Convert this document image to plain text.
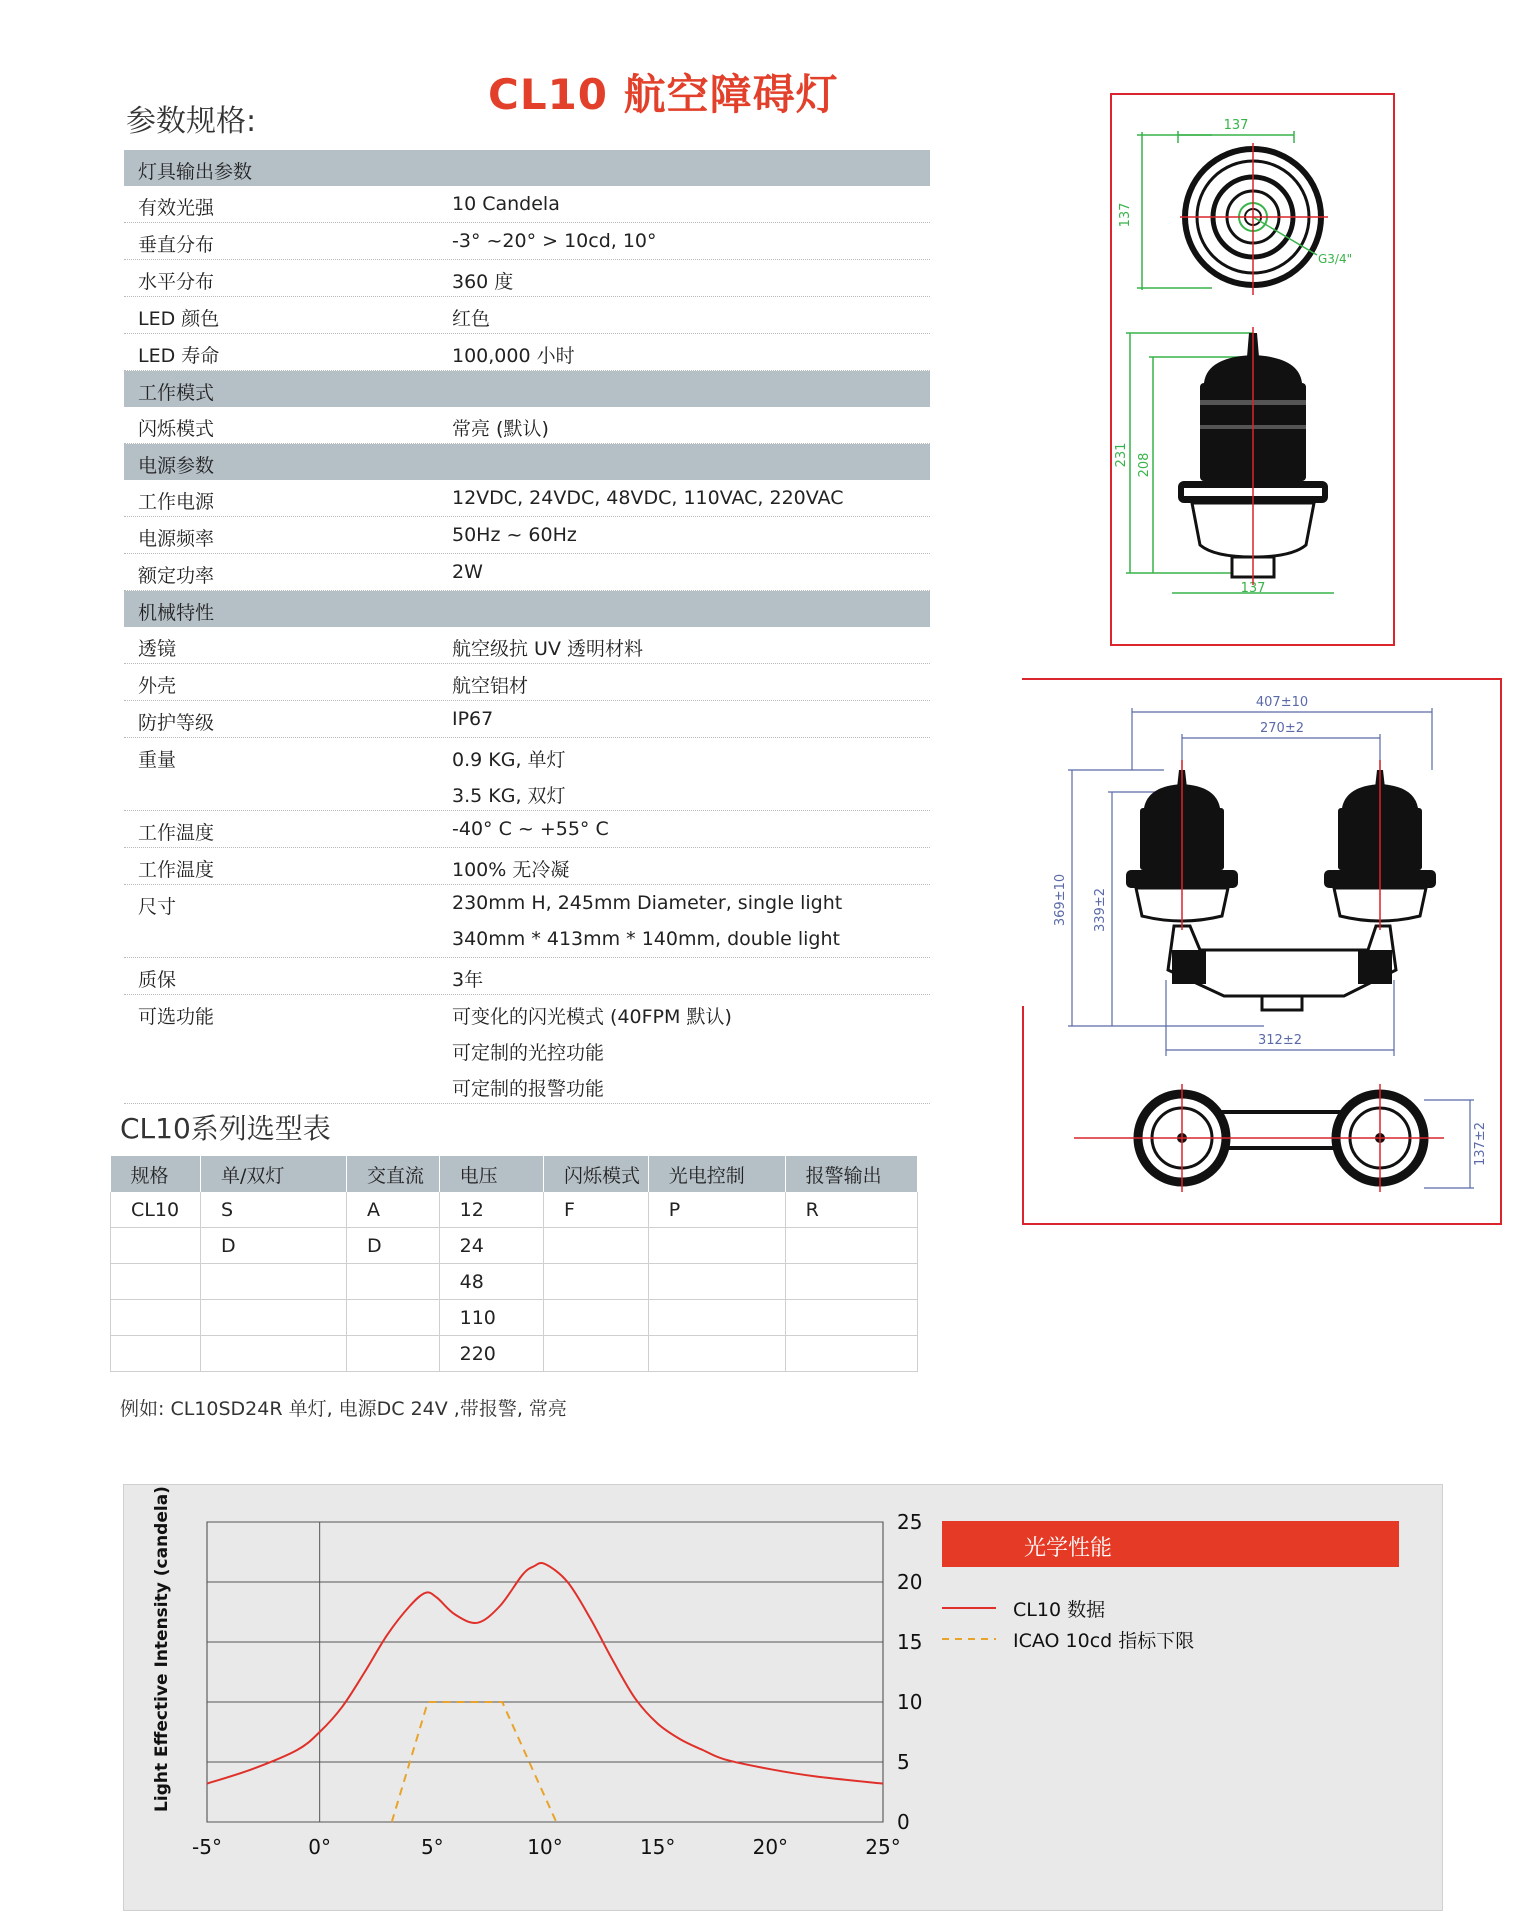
CL10 航空障碍灯
参数规格:
灯具输出参数
有效光强	10 Candela
垂直分布	-3° ~20° > 10cd, 10°
水平分布	360 度
LED 颜色	红色
LED 寿命	100,000 小时
工作模式
闪烁模式	常亮 (默认)
电源参数
工作电源	12VDC, 24VDC, 48VDC, 110VAC, 220VAC
电源频率	50Hz ~ 60Hz
额定功率	2W
机械特性
透镜	航空级抗 UV 透明材料
外壳	航空铝材
防护等级	IP67
重量	0.9 KG, 单灯
3.5 KG, 双灯
工作温度	-40° C ~ +55° C
工作温度	100% 无冷凝
尺寸	230mm H, 245mm Diameter, single light
340mm * 413mm * 140mm, double light
质保	3年
可选功能	可变化的闪光模式 (40FPM 默认)
可定制的光控功能
可定制的报警功能
CL10系列选型表
规格	单/双灯	交直流	电压	闪烁模式	光电控制	报警输出
CL10	S	A	12	F	P	R
	D	D	24			
			48			
			110			
			220			
例如: CL10SD24R 单灯, 电源DC 24V ,带报警, 常亮
137
137
G3/4"
231 208
137
407±10
270±2
369±10 339±2
312±2
137±2
0
5
10
15
20
25
-5°	0°	5°	10°	15°	20°	25°
Light Effective Intensity (candela)	光学性能
CL10 数据
ICAO 10cd 指标下限
